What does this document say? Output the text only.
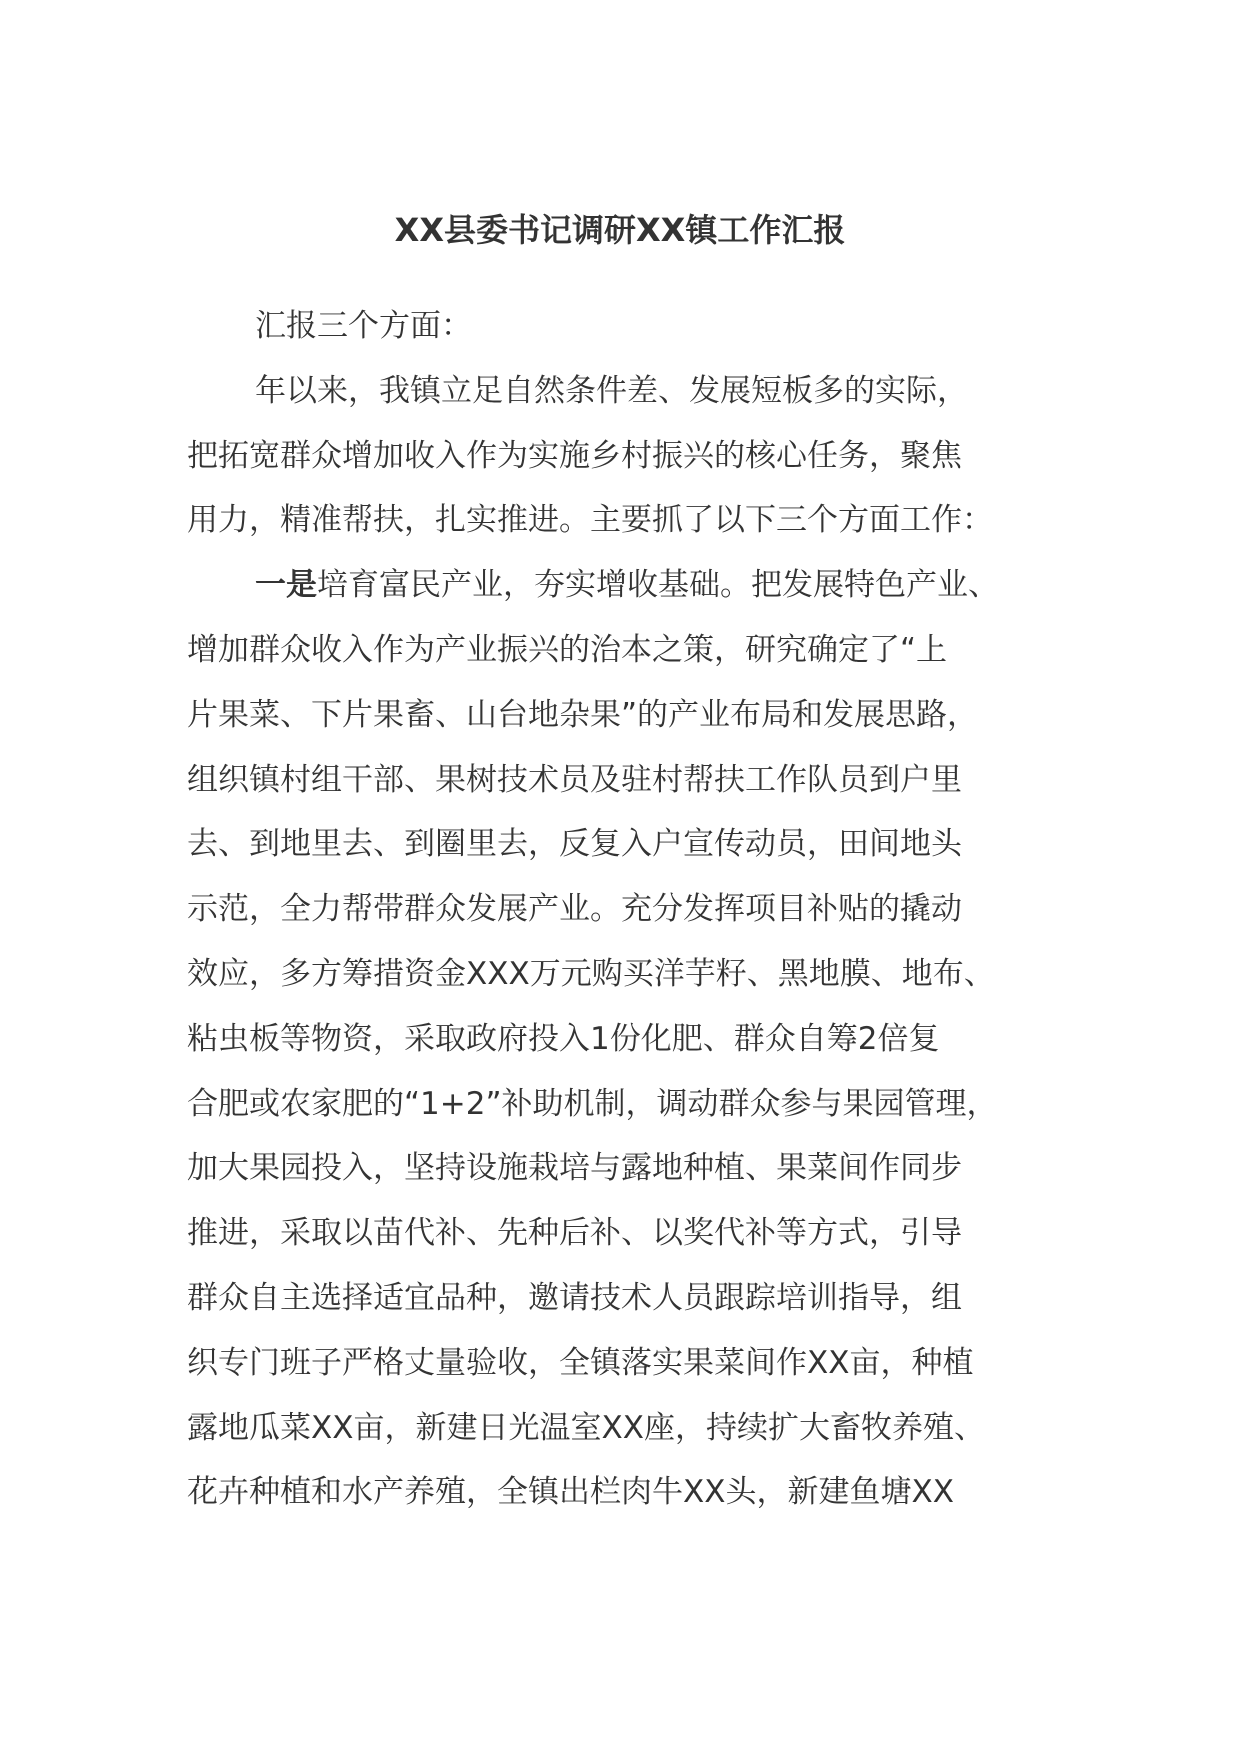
XX县委书记调研XX镇工作汇报
汇报三个方面：
年以来，我镇立足自然条件差、发展短板多的实际，
把拓宽群众增加收入作为实施乡村振兴的核心任务，聚焦
用力，精准帮扶，扎实推进。主要抓了以下三个方面工作：
一是培育富民产业，夯实增收基础。把发展特色产业、
增加群众收入作为产业振兴的治本之策，研究确定了“上
片果菜、下片果畜、山台地杂果”的产业布局和发展思路，
组织镇村组干部、果树技术员及驻村帮扶工作队员到户里
去、到地里去、到圈里去，反复入户宣传动员，田间地头
示范，全力帮带群众发展产业。充分发挥项目补贴的撬动
效应，多方筹措资金XXX万元购买洋芋籽、黑地膜、地布、
粘虫板等物资，采取政府投入1份化肥、群众自筹2倍复
合肥或农家肥的“1+2”补助机制，调动群众参与果园管理，
加大果园投入，坚持设施栽培与露地种植、果菜间作同步
推进，采取以苗代补、先种后补、以奖代补等方式，引导
群众自主选择适宜品种，邀请技术人员跟踪培训指导，组
织专门班子严格丈量验收，全镇落实果菜间作XX亩，种植
露地瓜菜XX亩，新建日光温室XX座，持续扩大畜牧养殖、
花卉种植和水产养殖，全镇出栏肉牛XX头，新建鱼塘XX
